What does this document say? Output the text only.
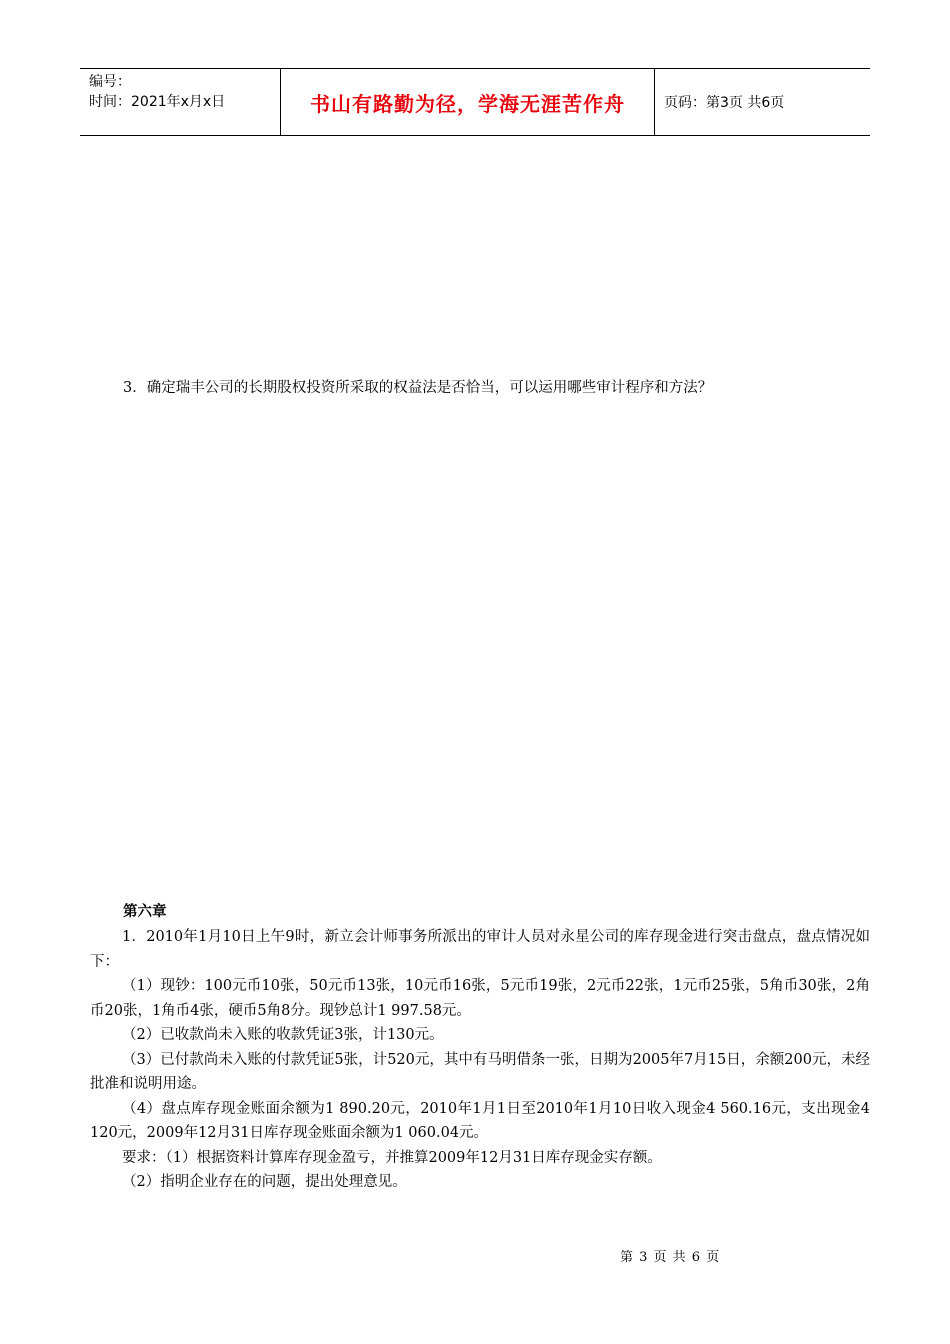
编号：
时间：2021年x月x日	书山有路勤为径，学海无涯苦作舟	页码：第3页 共6页
3．确定瑞丰公司的长期股权投资所采取的权益法是否恰当，可以运用哪些审计程序和方法？
第六章

1．2010年1月10日上午9时，新立会计师事务所派出的审计人员对永星公司的库存现金进行突击盘点，盘点情况如下：

（1）现钞：100元币10张，50元币13张，10元币16张，5元币19张，2元币22张，1元币25张，5角币30张，2角币20张，1角币4张，硬币5角8分。现钞总计1 997.58元。

（2）已收款尚未入账的收款凭证3张，计130元。

（3）已付款尚未入账的付款凭证5张，计520元，其中有马明借条一张，日期为2005年7月15日，余额200元，未经批准和说明用途。

（4）盘点库存现金账面余额为1 890.20元，2010年1月1日至2010年1月10日收入现金4 560.16元，支出现金4 120元，2009年12月31日库存现金账面余额为1 060.04元。

要求：（1）根据资料计算库存现金盈亏，并推算2009年12月31日库存现金实存额。

（2）指明企业存在的问题，提出处理意见。

第 3 页 共 6 页
